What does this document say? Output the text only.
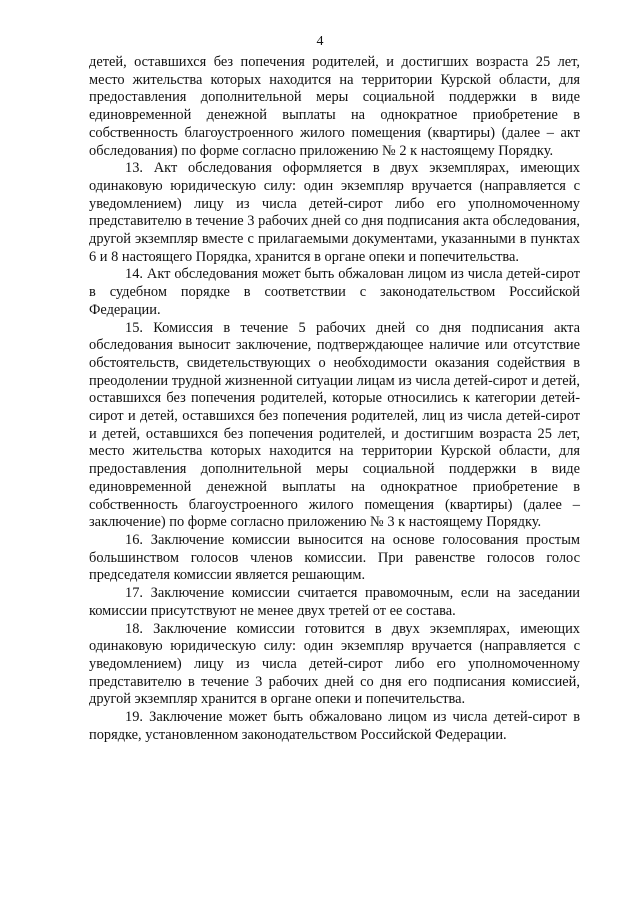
4

детей, оставшихся без попечения родителей, и достигших возраста 25 лет, место жительства которых находится на территории Курской области, для предоставления дополнительной меры социальной поддержки в виде единовременной денежной выплаты на однократное приобретение в собственность благоустроенного жилого помещения (квартиры) (далее – акт обследования) по форме согласно приложению № 2 к настоящему Порядку.

13. Акт обследования оформляется в двух экземплярах, имеющих одинаковую юридическую силу: один экземпляр вручается (направляется с уведомлением) лицу из числа детей-сирот либо его уполномоченному представителю в течение 3 рабочих дней со дня подписания акта обследования, другой экземпляр вместе с прилагаемыми документами, указанными в пунктах 6 и 8 настоящего Порядка, хранится в органе опеки и попечительства.

14. Акт обследования может быть обжалован лицом из числа детей-сирот в судебном порядке в соответствии с законодательством Российской Федерации.

15. Комиссия в течение 5 рабочих дней со дня подписания акта обследования выносит заключение, подтверждающее наличие или отсутствие обстоятельств, свидетельствующих о необходимости оказания содействия в преодолении трудной жизненной ситуации лицам из числа детей-сирот и детей, оставшихся без попечения родителей, которые относились к категории детей-сирот и детей, оставшихся без попечения родителей, лиц из числа детей-сирот и детей, оставшихся без попечения родителей, и достигшим возраста 25 лет, место жительства которых находится на территории Курской области, для предоставления дополнительной меры социальной поддержки в виде единовременной денежной выплаты на однократное приобретение в собственность благоустроенного жилого помещения (квартиры) (далее – заключение) по форме согласно приложению № 3 к настоящему Порядку.

16. Заключение комиссии выносится на основе голосования простым большинством голосов членов комиссии. При равенстве голосов голос председателя комиссии является решающим.

17. Заключение комиссии считается правомочным, если на заседании комиссии присутствуют не менее двух третей от ее состава.

18. Заключение комиссии готовится в двух экземплярах, имеющих одинаковую юридическую силу: один экземпляр вручается (направляется с уведомлением) лицу из числа детей-сирот либо его уполномоченному представителю в течение 3 рабочих дней со дня его подписания комиссией, другой экземпляр хранится в органе опеки и попечительства.

19. Заключение может быть обжаловано лицом из числа детей-сирот в порядке, установленном законодательством Российской Федерации.
